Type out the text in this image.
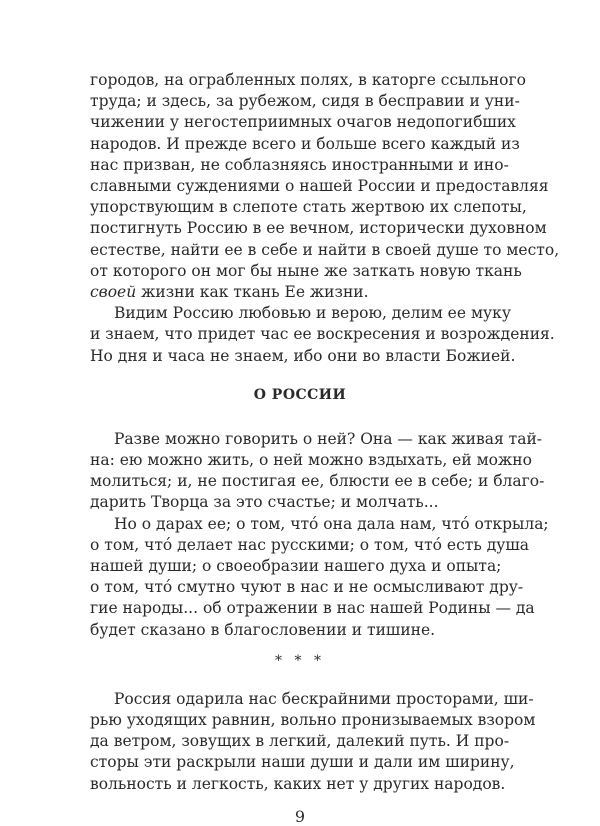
городов, на ограбленных полях, в каторге ссыльного
труда; и здесь, за рубежом, сидя в бесправии и уни-
чижении у негостеприимных очагов недопогибших
народов. И прежде всего и больше всего каждый из
нас призван, не соблазняясь иностранными и ино-
славными суждениями о нашей России и предоставляя
упорствующим в слепоте стать жертвою их слепоты,
постигнуть Россию в ее вечном, исторически духовном
естестве, найти ее в себе и найти в своей душе то место,
от которого он мог бы ныне же заткать новую ткань
своей жизни как ткань Ее жизни.
Видим Россию любовью и верою, делим ее муку
и знаем, что придет час ее воскресения и возрождения.
Но дня и часа не знаем, ибо они во власти Божией.
О РОССИИ
Разве можно говорить о ней? Она — как живая тай-
на: ею можно жить, о ней можно вздыхать, ей можно
молиться; и, не постигая ее, блюсти ее в себе; и благо-
дарить Творца за это счастье; и молчать...
Но о дарах ее; о том, что́ она дала нам, что́ открыла;
о том, что́ делает нас русскими; о том, что́ есть душа
нашей души; о своеобразии нашего духа и опыта;
о том, что́ смутно чуют в нас и не осмысливают дру-
гие народы... об отражении в нас нашей Родины — да
будет сказано в благословении и тишине.
* * *
Россия одарила нас бескрайними просторами, ши-
рью уходящих равнин, вольно пронизываемых взором
да ветром, зовущих в легкий, далекий путь. И про-
сторы эти раскрыли наши души и дали им ширину,
вольность и легкость, каких нет у других народов.
9
